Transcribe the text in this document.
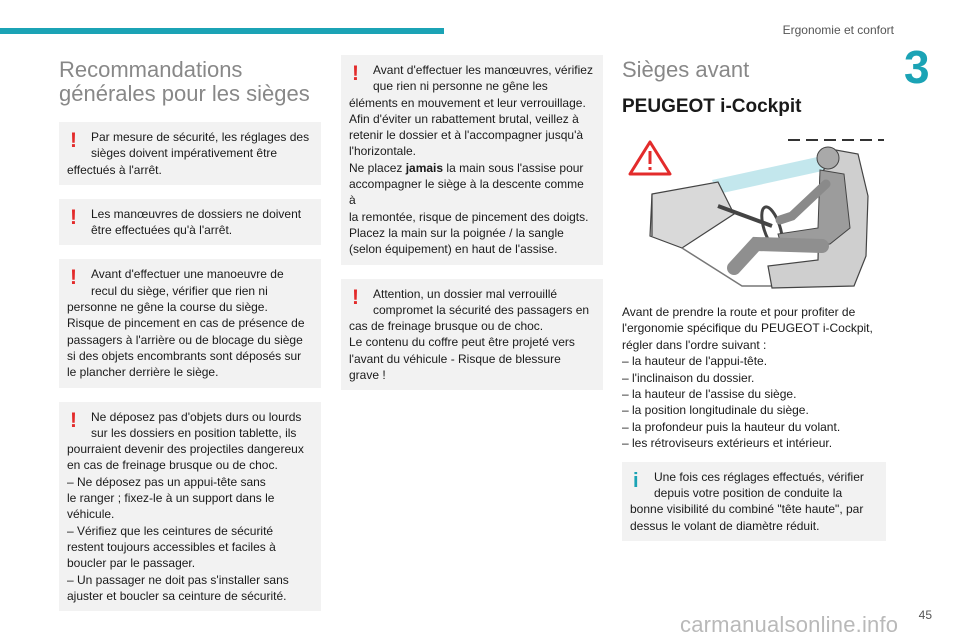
Ergonomie et confort
3
Recommandations
générales pour les sièges
!	Par mesure de sécurité, les réglages des
sièges doivent impérativement être
effectués à l'arrêt.
!	Les manœuvres de dossiers ne doivent
être effectuées qu'à l'arrêt.
!	Avant d'effectuer une manoeuvre de
recul du siège, vérifier que rien ni
personne ne gêne la course du siège.
Risque de pincement en cas de présence de
passagers à l'arrière ou de blocage du siège
si des objets encombrants sont déposés sur
le plancher derrière le siège.
!	Ne déposez pas d'objets durs ou lourds
sur les dossiers en position tablette, ils
pourraient devenir des projectiles dangereux
en cas de freinage brusque ou de choc.
– Ne déposez pas un appui-tête sans
le ranger ; fixez-le à un support dans le
véhicule.
– Vérifiez que les ceintures de sécurité
restent toujours accessibles et faciles à
boucler par le passager.
– Un passager ne doit pas s'installer sans
ajuster et boucler sa ceinture de sécurité.
!	Avant d'effectuer les manœuvres, vérifiez
que rien ni personne ne gêne les
éléments en mouvement et leur verrouillage.
Afin d'éviter un rabattement brutal, veillez à
retenir le dossier et à l'accompagner jusqu'à
l'horizontale.
Ne placez jamais la main sous l'assise pour
accompagner le siège à la descente comme à
la remontée, risque de pincement des doigts.
Placez la main sur la poignée / la sangle
(selon équipement) en haut de l'assise.
!	Attention, un dossier mal verrouillé
compromet la sécurité des passagers en
cas de freinage brusque ou de choc.
Le contenu du coffre peut être projeté vers
l'avant du véhicule - Risque de blessure
grave !
Sièges avant
PEUGEOT i-Cockpit
Avant de prendre la route et pour profiter de
l'ergonomie spécifique du PEUGEOT i-Cockpit,
régler dans l'ordre suivant :
– la hauteur de l'appui-tête.
– l'inclinaison du dossier.
– la hauteur de l'assise du siège.
– la position longitudinale du siège.
– la profondeur puis la hauteur du volant.
– les rétroviseurs extérieurs et intérieur.
i	Une fois ces réglages effectués, vérifier
depuis votre position de conduite la
bonne visibilité du combiné "tête haute", par
dessus le volant de diamètre réduit.
carmanualsonline.info 45
